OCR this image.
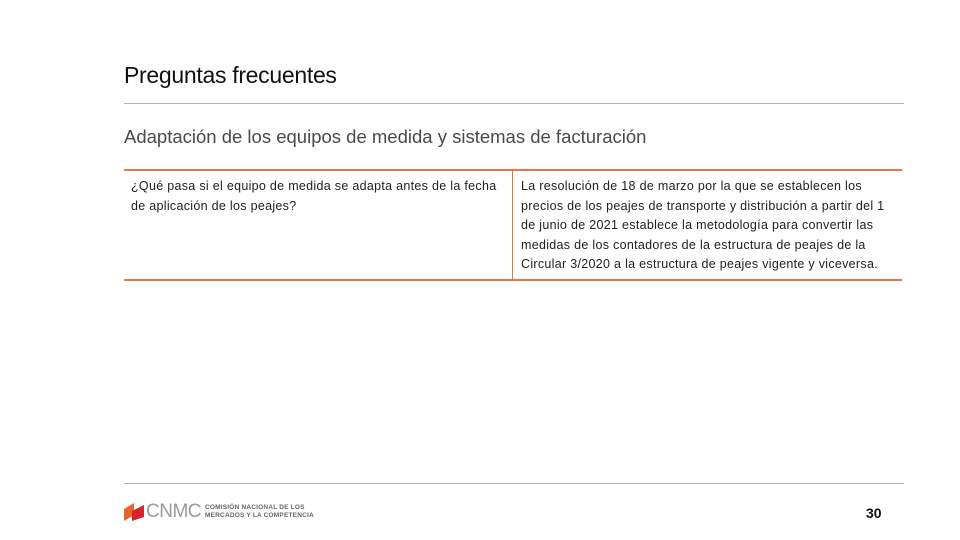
Preguntas frecuentes
Adaptación de los equipos de medida y sistemas de facturación
¿Qué pasa si el equipo de medida se adapta antes de la fecha de aplicación de los peajes?
La resolución de 18 de marzo por la que se establecen los precios de los peajes de transporte y distribución a partir del 1 de junio de 2021 establece la metodología para convertir las medidas de los contadores de la estructura de peajes de la Circular 3/2020 a la estructura de peajes vigente y viceversa.
CNMC COMISIÓN NACIONAL DE LOS
MERCADOS Y LA COMPETENCIA	30
